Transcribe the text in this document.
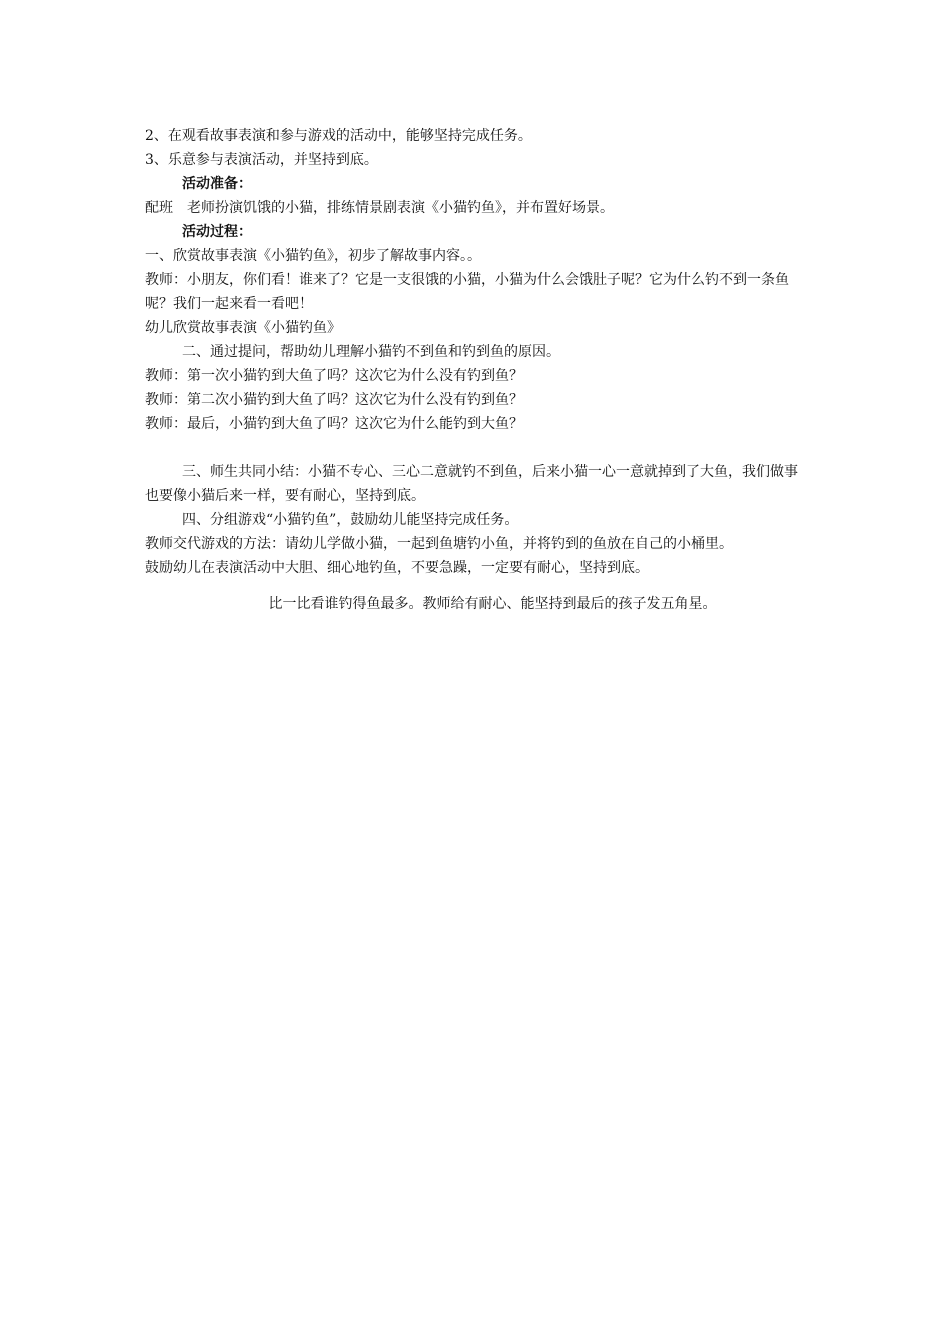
2、在观看故事表演和参与游戏的活动中，能够坚持完成任务。

3、乐意参与表演活动，并坚持到底。

活动准备：

配班　老师扮演饥饿的小猫，排练情景剧表演《小猫钓鱼》，并布置好场景。

活动过程：

一、欣赏故事表演《小猫钓鱼》，初步了解故事内容。。

教师：小朋友，你们看！谁来了？它是一支很饿的小猫，小猫为什么会饿肚子呢？它为什么钓不到一条鱼呢？我们一起来看一看吧！

幼儿欣赏故事表演《小猫钓鱼》

二、通过提问，帮助幼儿理解小猫钓不到鱼和钓到鱼的原因。

教师：第一次小猫钓到大鱼了吗？这次它为什么没有钓到鱼？

教师：第二次小猫钓到大鱼了吗？这次它为什么没有钓到鱼？

教师：最后，小猫钓到大鱼了吗？这次它为什么能钓到大鱼？

三、师生共同小结：小猫不专心、三心二意就钓不到鱼，后来小猫一心一意就掉到了大鱼，我们做事也要像小猫后来一样，要有耐心，坚持到底。

四、分组游戏“小猫钓鱼”，鼓励幼儿能坚持完成任务。

教师交代游戏的方法：请幼儿学做小猫，一起到鱼塘钓小鱼，并将钓到的鱼放在自己的小桶里。

鼓励幼儿在表演活动中大胆、细心地钓鱼，不要急躁，一定要有耐心，坚持到底。

比一比看谁钓得鱼最多。教师给有耐心、能坚持到最后的孩子发五角星。
